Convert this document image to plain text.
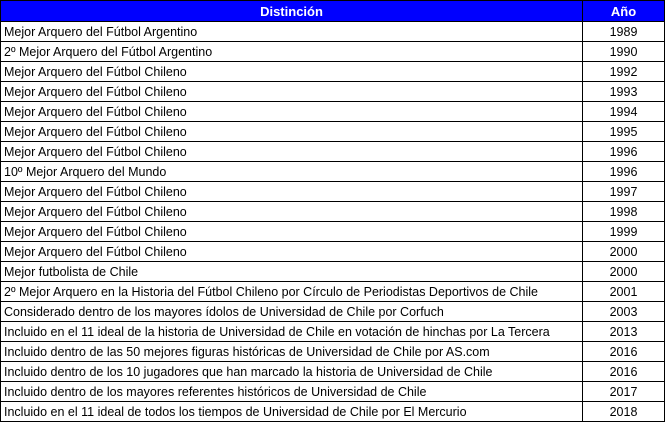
Distinción	Año
Mejor Arquero del Fútbol Argentino	1989
2º Mejor Arquero del Fútbol Argentino	1990
Mejor Arquero del Fútbol Chileno	1992
Mejor Arquero del Fútbol Chileno	1993
Mejor Arquero del Fútbol Chileno	1994
Mejor Arquero del Fútbol Chileno	1995
Mejor Arquero del Fútbol Chileno	1996
10º Mejor Arquero del Mundo	1996
Mejor Arquero del Fútbol Chileno	1997
Mejor Arquero del Fútbol Chileno	1998
Mejor Arquero del Fútbol Chileno	1999
Mejor Arquero del Fútbol Chileno	2000
Mejor futbolista de Chile	2000
2º Mejor Arquero en la Historia del Fútbol Chileno por Círculo de Periodistas Deportivos de Chile	2001
Considerado dentro de los mayores ídolos de Universidad de Chile por Corfuch	2003
Incluido en el 11 ideal de la historia de Universidad de Chile en votación de hinchas por La Tercera	2013
Incluido dentro de las 50 mejores figuras históricas de Universidad de Chile por AS.com	2016
Incluido dentro de los 10 jugadores que han marcado la historia de Universidad de Chile	2016
Incluido dentro de los mayores referentes históricos de Universidad de Chile	2017
Incluido en el 11 ideal de todos los tiempos de Universidad de Chile por El Mercurio	2018
